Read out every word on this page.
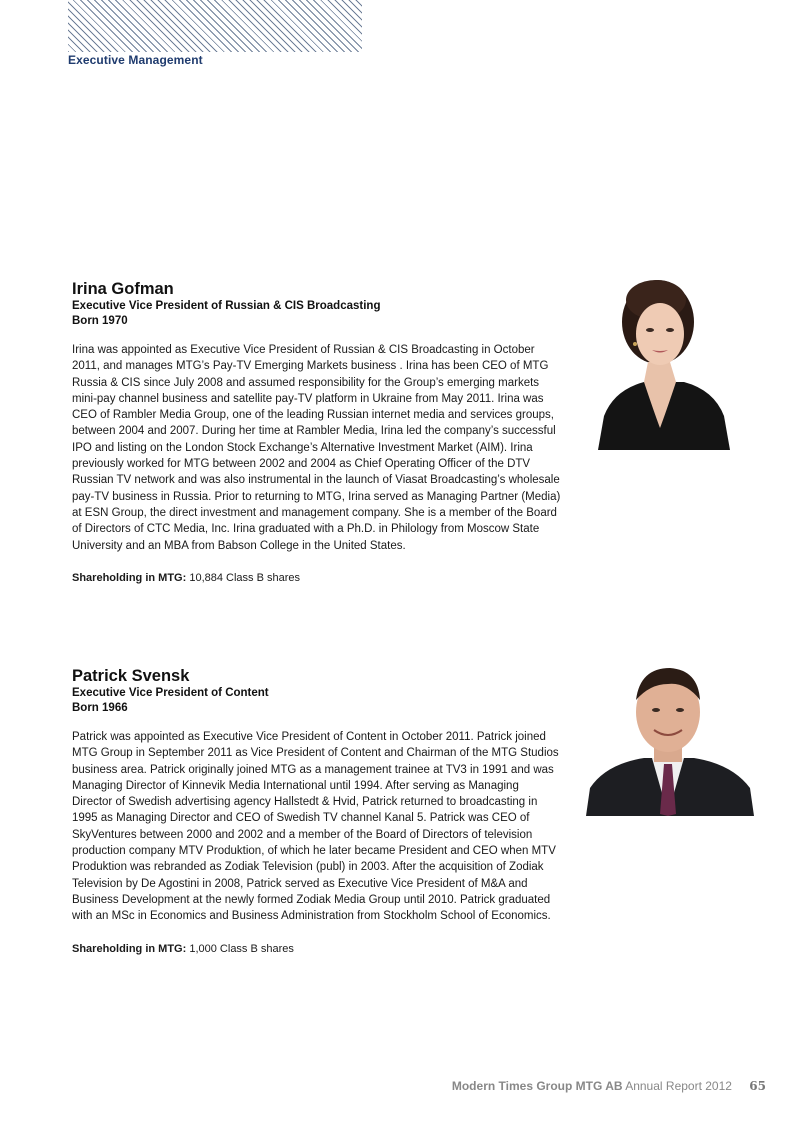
Executive Management
Irina Gofman
Executive Vice President of Russian & CIS Broadcasting
Born 1970
Irina was appointed as Executive Vice President of Russian & CIS Broadcasting in October 2011, and manages MTG’s Pay-TV Emerging Markets business . Irina has been CEO of MTG Russia & CIS since July 2008 and assumed responsibility for the Group’s emerging markets mini-pay channel business and satellite pay-TV platform in Ukraine from May 2011. Irina was CEO of Rambler Media Group, one of the leading Russian internet media and services groups, between 2004 and 2007. During her time at Rambler Media, Irina led the company’s successful IPO and listing on the London Stock Exchange’s Alternative Investment Market (AIM). Irina previously worked for MTG between 2002 and 2004 as Chief Operating Officer of the DTV Russian TV network and was also instrumental in the launch of Viasat Broadcasting’s wholesale pay-TV business in Russia. Prior to returning to MTG, Irina served as Managing Partner (Media) at ESN Group, the direct investment and management company. She is a member of the Board of Directors of CTC Media, Inc. Irina graduated with a Ph.D. in Philology from Moscow State University and an MBA from Babson College in the United States.
Shareholding in MTG: 10,884 Class B shares
Patrick Svensk
Executive Vice President of Content
Born 1966
Patrick was appointed as Executive Vice President of Content in October 2011. Patrick joined MTG Group in September 2011 as Vice President of Content and Chairman of the MTG Studios business area. Patrick originally joined MTG as a management trainee at TV3 in 1991 and was Managing Director of Kinnevik Media International until 1994. After serving as Managing Director of Swedish advertising agency Hallstedt & Hvid, Patrick returned to broadcasting in 1995 as Managing Director and CEO of Swedish TV channel Kanal 5. Patrick was CEO of SkyVentures between 2000 and 2002 and a member of the Board of Directors of television production company MTV Produktion, of which he later became President and CEO when MTV Produktion was rebranded as Zodiak Television (publ) in 2003. After the acquisition of Zodiak Television by De Agostini in 2008, Patrick served as Executive Vice President of M&A and Business Development at the newly formed Zodiak Media Group until 2010. Patrick graduated with an MSc in Economics and Business Administration from Stockholm School of Economics.
Shareholding in MTG: 1,000 Class B shares
Modern Times Group MTG AB Annual Report 2012 65
